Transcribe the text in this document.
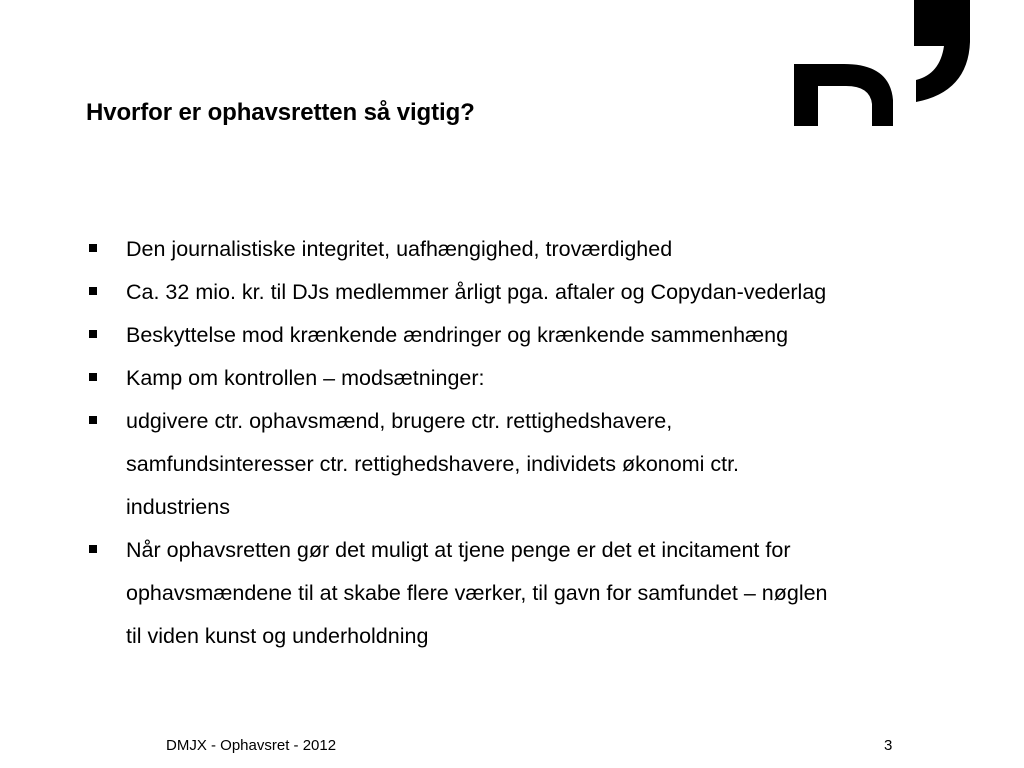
Hvorfor er ophavsretten så vigtig?
Den journalistiske integritet, uafhængighed, troværdighed
Ca. 32 mio. kr. til DJs medlemmer årligt pga. aftaler og Copydan-vederlag
Beskyttelse mod krænkende ændringer og krænkende sammenhæng
Kamp om kontrollen – modsætninger:
udgivere ctr. ophavsmænd, brugere ctr. rettighedshavere,
samfundsinteresser ctr. rettighedshavere, individets økonomi ctr.
industriens
Når ophavsretten gør det muligt at tjene penge er det et incitament for
ophavsmændene til at skabe flere værker, til gavn for samfundet – nøglen
til viden kunst og underholdning
DMJX - Ophavsret - 2012	3
